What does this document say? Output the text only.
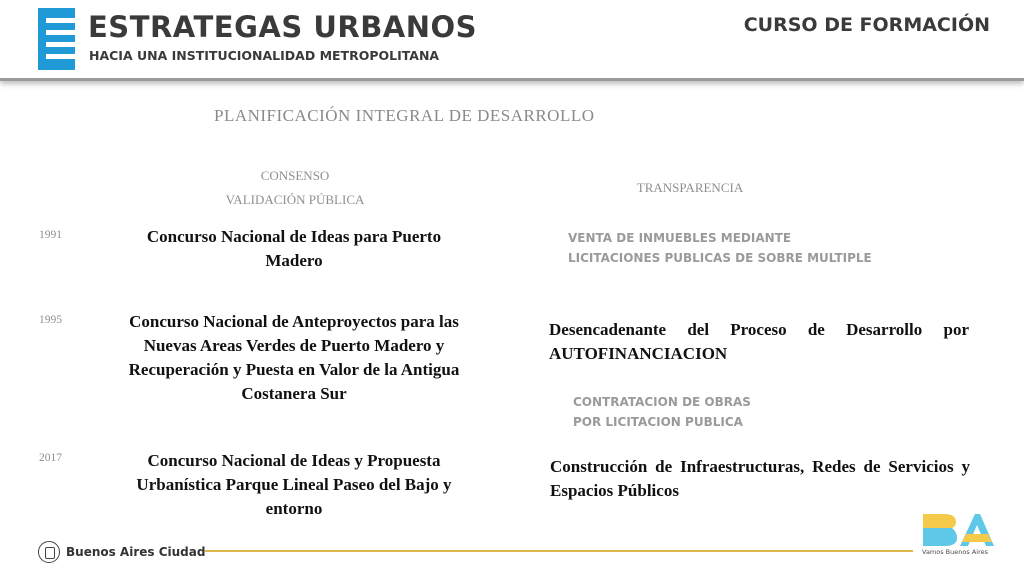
ESTRATEGAS URBANOS
HACIA UNA INSTITUCIONALIDAD METROPOLITANA
CURSO DE FORMACIÓN
PLANIFICACIÓN INTEGRAL DE DESARROLLO
CONSENSO
VALIDACIÓN PÚBLICA
TRANSPARENCIA
1991
1995
2017
Concurso Nacional de Ideas para Puerto Madero
Concurso Nacional de Anteproyectos para las Nuevas Areas Verdes de Puerto Madero y Recuperación y Puesta en Valor de la Antigua Costanera Sur
Concurso Nacional de Ideas y Propuesta Urbanística Parque Lineal Paseo del Bajo y entorno
VENTA DE INMUEBLES MEDIANTE
LICITACIONES PUBLICAS DE SOBRE MULTIPLE
Desencadenante del Proceso de Desarrollo por AUTOFINANCIACION
CONTRATACION DE OBRAS
POR LICITACION PUBLICA
Construcción de Infraestructuras, Redes de Servicios y Espacios Públicos
Buenos Aires Ciudad	Vamos Buenos Aires
